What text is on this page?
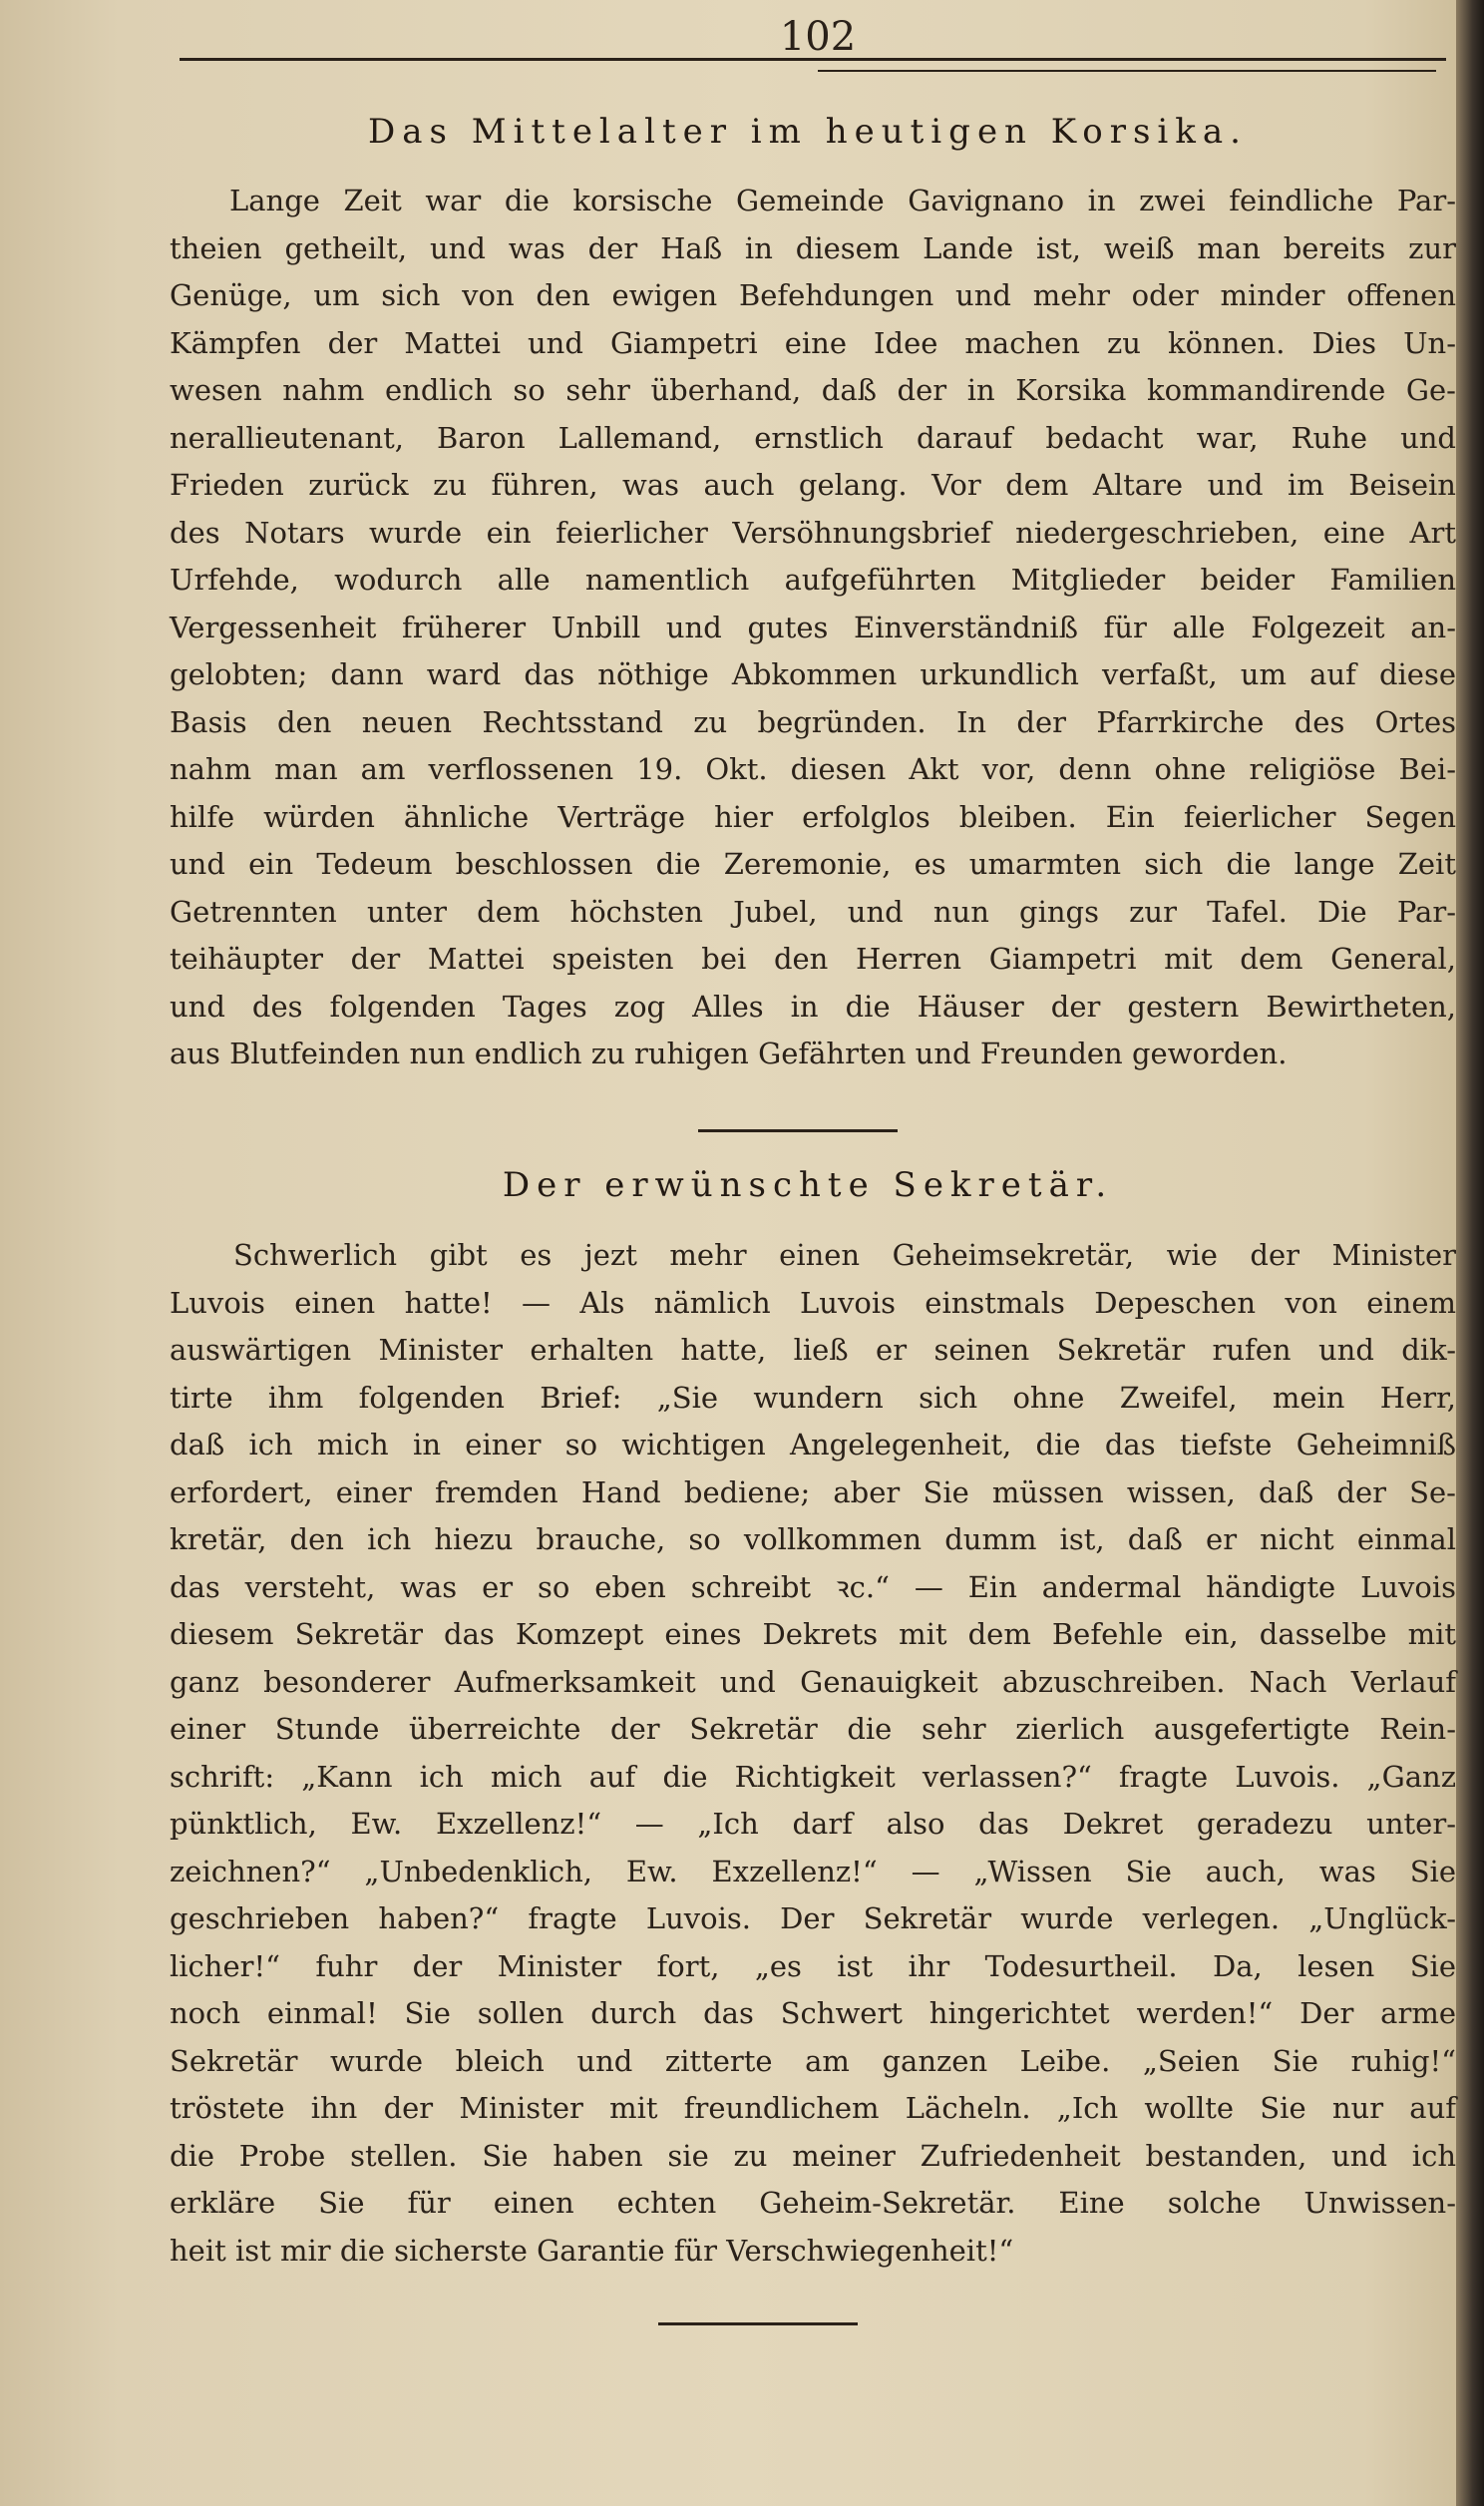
102
Das Mittelalter im heutigen Korsika.
Lange Zeit war die korsische Gemeinde Gavignano in zwei feindliche Par-
theien getheilt, und was der Haß in diesem Lande ist, weiß man bereits zur
Genüge, um sich von den ewigen Befehdungen und mehr oder minder offenen
Kämpfen der Mattei und Giampetri eine Idee machen zu können. Dies Un-
wesen nahm endlich so sehr überhand, daß der in Korsika kommandirende Ge-
nerallieutenant, Baron Lallemand, ernstlich darauf bedacht war, Ruhe und
Frieden zurück zu führen, was auch gelang. Vor dem Altare und im Beisein
des Notars wurde ein feierlicher Versöhnungsbrief niedergeschrieben, eine Art
Urfehde, wodurch alle namentlich aufgeführten Mitglieder beider Familien
Vergessenheit früherer Unbill und gutes Einverständniß für alle Folgezeit an-
gelobten; dann ward das nöthige Abkommen urkundlich verfaßt, um auf diese
Basis den neuen Rechtsstand zu begründen. In der Pfarrkirche des Ortes
nahm man am verflossenen 19. Okt. diesen Akt vor, denn ohne religiöse Bei-
hilfe würden ähnliche Verträge hier erfolglos bleiben. Ein feierlicher Segen
und ein Tedeum beschlossen die Zeremonie, es umarmten sich die lange Zeit
Getrennten unter dem höchsten Jubel, und nun gings zur Tafel. Die Par-
teihäupter der Mattei speisten bei den Herren Giampetri mit dem General,
und des folgenden Tages zog Alles in die Häuser der gestern Bewirtheten,
aus Blutfeinden nun endlich zu ruhigen Gefährten und Freunden geworden.
Der erwünschte Sekretär.
Schwerlich gibt es jezt mehr einen Geheimsekretär, wie der Minister
Luvois einen hatte! — Als nämlich Luvois einstmals Depeschen von einem
auswärtigen Minister erhalten hatte, ließ er seinen Sekretär rufen und dik-
tirte ihm folgenden Brief: „Sie wundern sich ohne Zweifel, mein Herr,
daß ich mich in einer so wichtigen Angelegenheit, die das tiefste Geheimniß
erfordert, einer fremden Hand bediene; aber Sie müssen wissen, daß der Se-
kretär, den ich hiezu brauche, so vollkommen dumm ist, daß er nicht einmal
das versteht, was er so eben schreibt ꝛc.“ — Ein andermal händigte Luvois
diesem Sekretär das Komzept eines Dekrets mit dem Befehle ein, dasselbe mit
ganz besonderer Aufmerksamkeit und Genauigkeit abzuschreiben. Nach Verlauf
einer Stunde überreichte der Sekretär die sehr zierlich ausgefertigte Rein-
schrift: „Kann ich mich auf die Richtigkeit verlassen?“ fragte Luvois. „Ganz
pünktlich, Ew. Exzellenz!“ — „Ich darf also das Dekret geradezu unter-
zeichnen?“ „Unbedenklich, Ew. Exzellenz!“ — „Wissen Sie auch, was Sie
geschrieben haben?“ fragte Luvois. Der Sekretär wurde verlegen. „Unglück-
licher!“ fuhr der Minister fort, „es ist ihr Todesurtheil. Da, lesen Sie
noch einmal! Sie sollen durch das Schwert hingerichtet werden!“ Der arme
Sekretär wurde bleich und zitterte am ganzen Leibe. „Seien Sie ruhig!“
tröstete ihn der Minister mit freundlichem Lächeln. „Ich wollte Sie nur auf
die Probe stellen. Sie haben sie zu meiner Zufriedenheit bestanden, und ich
erkläre Sie für einen echten Geheim-Sekretär. Eine solche Unwissen-
heit ist mir die sicherste Garantie für Verschwiegenheit!“
